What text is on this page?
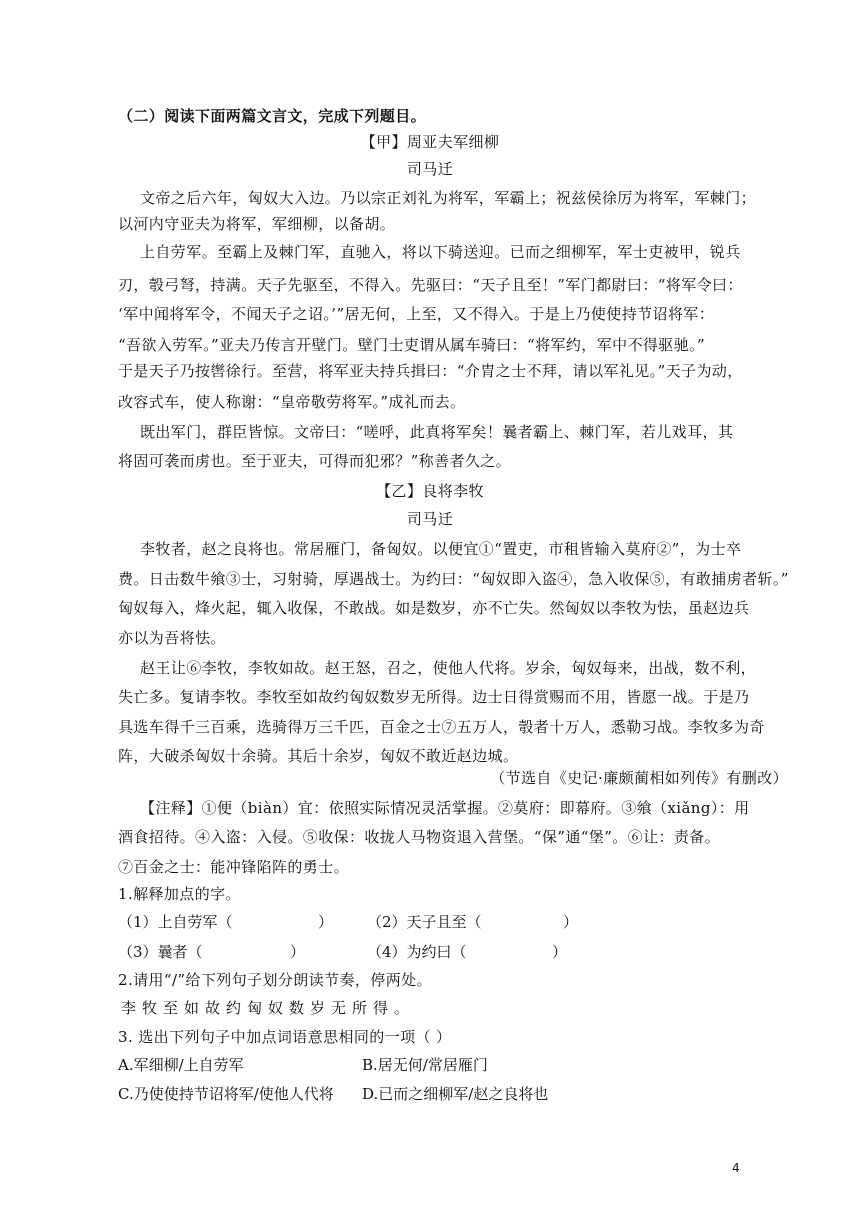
（二）阅读下面两篇文言文，完成下列题目。
【甲】周亚夫军细柳
司马迁
文帝之后六年，匈奴大入边。乃以宗正刘礼为将军，军霸上；祝兹侯徐厉为将军，军棘门；
以河内守亚夫为将军，军细柳，以备胡。
上自劳军。至霸上及棘门军，直驰入，将以下骑送迎。已而之细柳军，军士吏被甲，锐兵
刃，彀弓弩，持满。天子先驱至，不得入。先驱曰：“天子且至！”军门都尉曰：“将军令曰：
‘军中闻将军令，不闻天子之诏。’”居无何，上至，又不得入。于是上乃使使持节诏将军：
“吾欲入劳军。”亚夫乃传言开壁门。壁门士吏谓从属车骑曰：“将军约，军中不得驱驰。”
于是天子乃按辔徐行。至营，将军亚夫持兵揖曰：“介胄之士不拜，请以军礼见。”天子为动，
改容式车，使人称谢：“皇帝敬劳将军。”成礼而去。
既出军门，群臣皆惊。文帝曰：“嗟呼，此真将军矣！曩者霸上、棘门军，若儿戏耳，其
将固可袭而虏也。至于亚夫，可得而犯邪？”称善者久之。
【乙】良将李牧
司马迁
李牧者，赵之良将也。常居雁门，备匈奴。以便宜①“置吏，市租皆输入莫府②”，为士卒
费。日击数牛飨③士，习射骑，厚遇战士。为约曰：“匈奴即入盗④，急入收保⑤，有敢捕虏者斩。”
匈奴每入，烽火起，辄入收保，不敢战。如是数岁，亦不亡失。然匈奴以李牧为怯，虽赵边兵
亦以为吾将怯。
赵王让⑥李牧，李牧如故。赵王怒，召之，使他人代将。岁余，匈奴每来，出战，数不利，
失亡多。复请李牧。李牧至如故约匈奴数岁无所得。边士日得赏赐而不用，皆愿一战。于是乃
具选车得千三百乘，选骑得万三千匹，百金之士⑦五万人，彀者十万人，悉勒习战。李牧多为奇
阵，大破杀匈奴十余骑。其后十余岁，匈奴不敢近赵边城。
（节选自《史记·廉颇蔺相如列传》有删改）
【注释】①便（biàn）宜：依照实际情况灵活掌握。②莫府：即幕府。③飨（xiǎng）：用
酒食招待。④入盗：入侵。⑤收保：收拢人马物资退入营堡。“保”通“堡”。⑥让：责备。
⑦百金之士：能冲锋陷阵的勇士。
1.解释加点的字。
（1）上自劳军（	） （2）天子且至（	）
（3）曩者（	）	（4）为约曰（	）
2.请用“/”给下列句子划分朗读节奏，停两处。
李牧至如故约匈奴数岁无所得。
3. 选出下列句子中加点词语意思相同的一项（ ）
A.军细柳/上自劳军	B.居无何/常居雁门
C.乃使使持节诏将军/使他人代将 D.已而之细柳军/赵之良将也
4
